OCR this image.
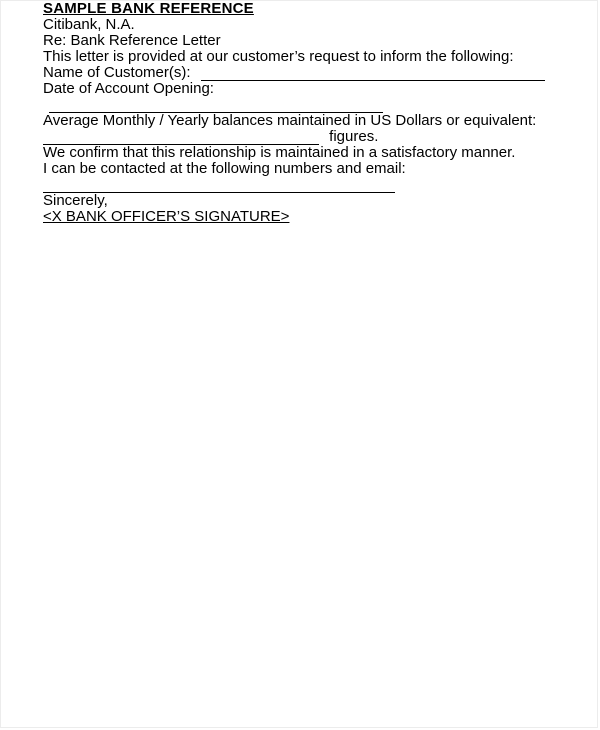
SAMPLE BANK REFERENCE

Citibank, N.A.

Re: Bank Reference Letter

This letter is provided at our customer’s request to inform the following:

Name of Customer(s):

Date of Account Opening:

Average Monthly / Yearly balances maintained in US Dollars or equivalent:

figures.

We confirm that this relationship is maintained in a satisfactory manner.

I can be contacted at the following numbers and email:

Sincerely,

<X BANK OFFICER’S SIGNATURE>
